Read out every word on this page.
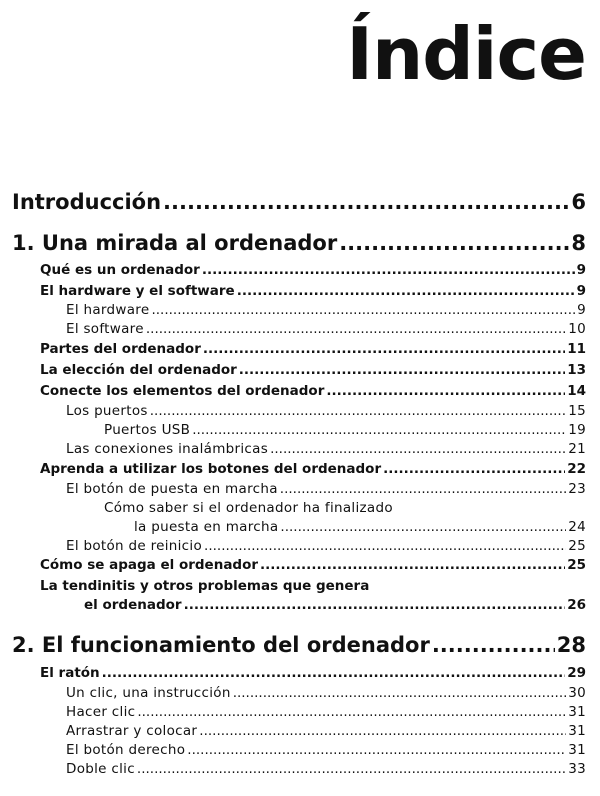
Índice
Introducción .....	6
1. Una mirada al ordenador .....	8
Qué es un ordenador .....	9
El hardware y el software .....	9
El hardware .....	9
El software .....	10
Partes del ordenador .....	11
La elección del ordenador .....	13
Conecte los elementos del ordenador .....	14
Los puertos .....	15
Puertos USB .....	19
Las conexiones inalámbricas .....	21
Aprenda a utilizar los botones del ordenador .....	22
El botón de puesta en marcha .....	23
Cómo saber si el ordenador ha finalizado
la puesta en marcha .....	24
El botón de reinicio .....	25
Cómo se apaga el ordenador .....	25
La tendinitis y otros problemas que genera
el ordenador .....	26
2. El funcionamiento del ordenador .....	28
El ratón .....	29
Un clic, una instrucción .....	30
Hacer clic .....	31
Arrastrar y colocar .....	31
El botón derecho .....	31
Doble clic .....	33
